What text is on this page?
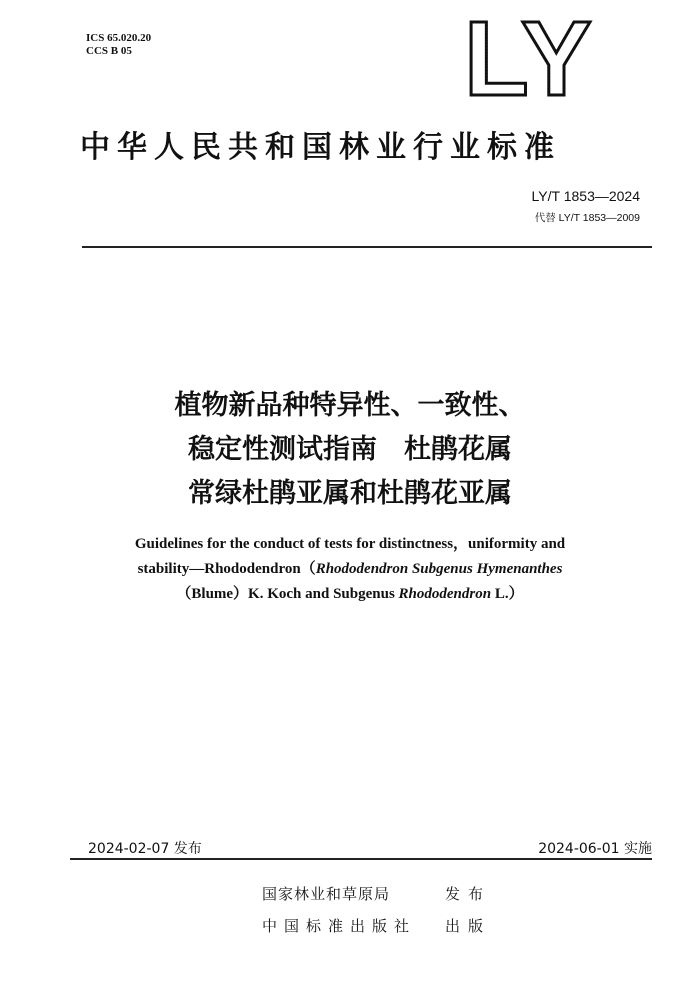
ICS 65.020.20
CCS B 05	LY
中华人民共和国林业行业标准
LY/T 1853—2024
代替 LY/T 1853—2009
植物新品种特异性、一致性、
稳定性测试指南　杜鹃花属
常绿杜鹃亚属和杜鹃花亚属
Guidelines for the conduct of tests for distinctness，uniformity and
stability—Rhododendron（Rhododendron Subgenus Hymenanthes
（Blume）K. Koch and Subgenus Rhododendron L.）
2024-02-07 发布	2024-06-01 实施
国家林业和草原局	发布
中国标准出版社 出版
